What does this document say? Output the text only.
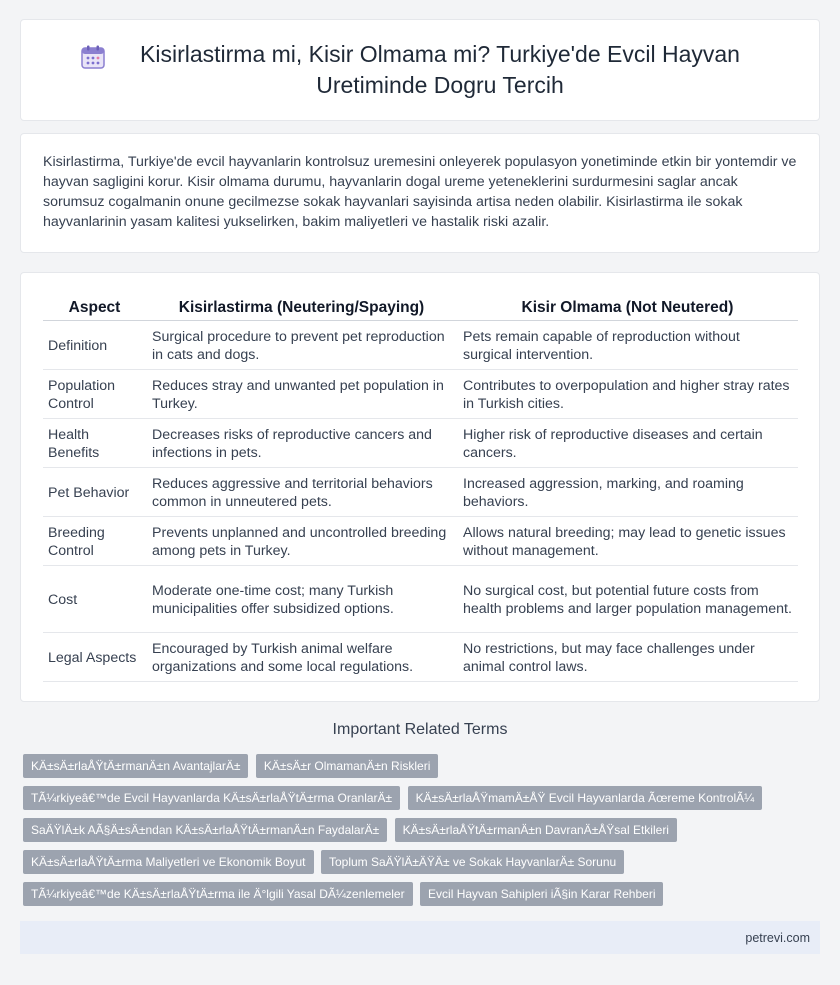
Kisirlastirma mi, Kisir Olmama mi? Turkiye'de Evcil Hayvan Uretiminde Dogru Tercih

Kisirlastirma, Turkiye'de evcil hayvanlarin kontrolsuz uremesini onleyerek populasyon yonetiminde etkin bir yontemdir ve hayvan sagligini korur. Kisir olmama durumu, hayvanlarin dogal ureme yeteneklerini surdurmesini saglar ancak sorumsuz cogalmanin onune gecilmezse sokak hayvanlari sayisinda artisa neden olabilir. Kisirlastirma ile sokak hayvanlarinin yasam kalitesi yukselirken, bakim maliyetleri ve hastalik riski azalir.

Aspect	Kisirlastirma (Neutering/Spaying)	Kisir Olmama (Not Neutered)
Definition	Surgical procedure to prevent pet reproduction in cats and dogs.	Pets remain capable of reproduction without surgical intervention.
Population Control	Reduces stray and unwanted pet population in Turkey.	Contributes to overpopulation and higher stray rates in Turkish cities.
Health Benefits	Decreases risks of reproductive cancers and infections in pets.	Higher risk of reproductive diseases and certain cancers.
Pet Behavior	Reduces aggressive and territorial behaviors common in unneutered pets.	Increased aggression, marking, and roaming behaviors.
Breeding Control	Prevents unplanned and uncontrolled breeding among pets in Turkey.	Allows natural breeding; may lead to genetic issues without management.
Cost	Moderate one-time cost; many Turkish municipalities offer subsidized options.	No surgical cost, but potential future costs from health problems and larger population management.
Legal Aspects	Encouraged by Turkish animal welfare organizations and some local regulations.	No restrictions, but may face challenges under animal control laws.
Important Related Terms
KÄ±sÄ±rlaÅŸtÄ±rmanÄ±n AvantajlarÄ± KÄ±sÄ±r OlmamanÄ±n Riskleri TÃ¼rkiyeâ€™de Evcil Hayvanlarda KÄ±sÄ±rlaÅŸtÄ±rma OranlarÄ± KÄ±sÄ±rlaÅŸmamÄ±ÅŸ Evcil Hayvanlarda Ãœreme KontrolÃ¼ SaÄŸlÄ±k AÃ§Ä±sÄ±ndan KÄ±sÄ±rlaÅŸtÄ±rmanÄ±n FaydalarÄ± KÄ±sÄ±rlaÅŸtÄ±rmanÄ±n DavranÄ±ÅŸsal Etkileri KÄ±sÄ±rlaÅŸtÄ±rma Maliyetleri ve Ekonomik Boyut Toplum SaÄŸlÄ±ÄŸÄ± ve Sokak HayvanlarÄ± Sorunu TÃ¼rkiyeâ€™de KÄ±sÄ±rlaÅŸtÄ±rma ile Ä°lgili Yasal DÃ¼zenlemeler Evcil Hayvan Sahipleri iÃ§in Karar Rehberi
petrevi.com
